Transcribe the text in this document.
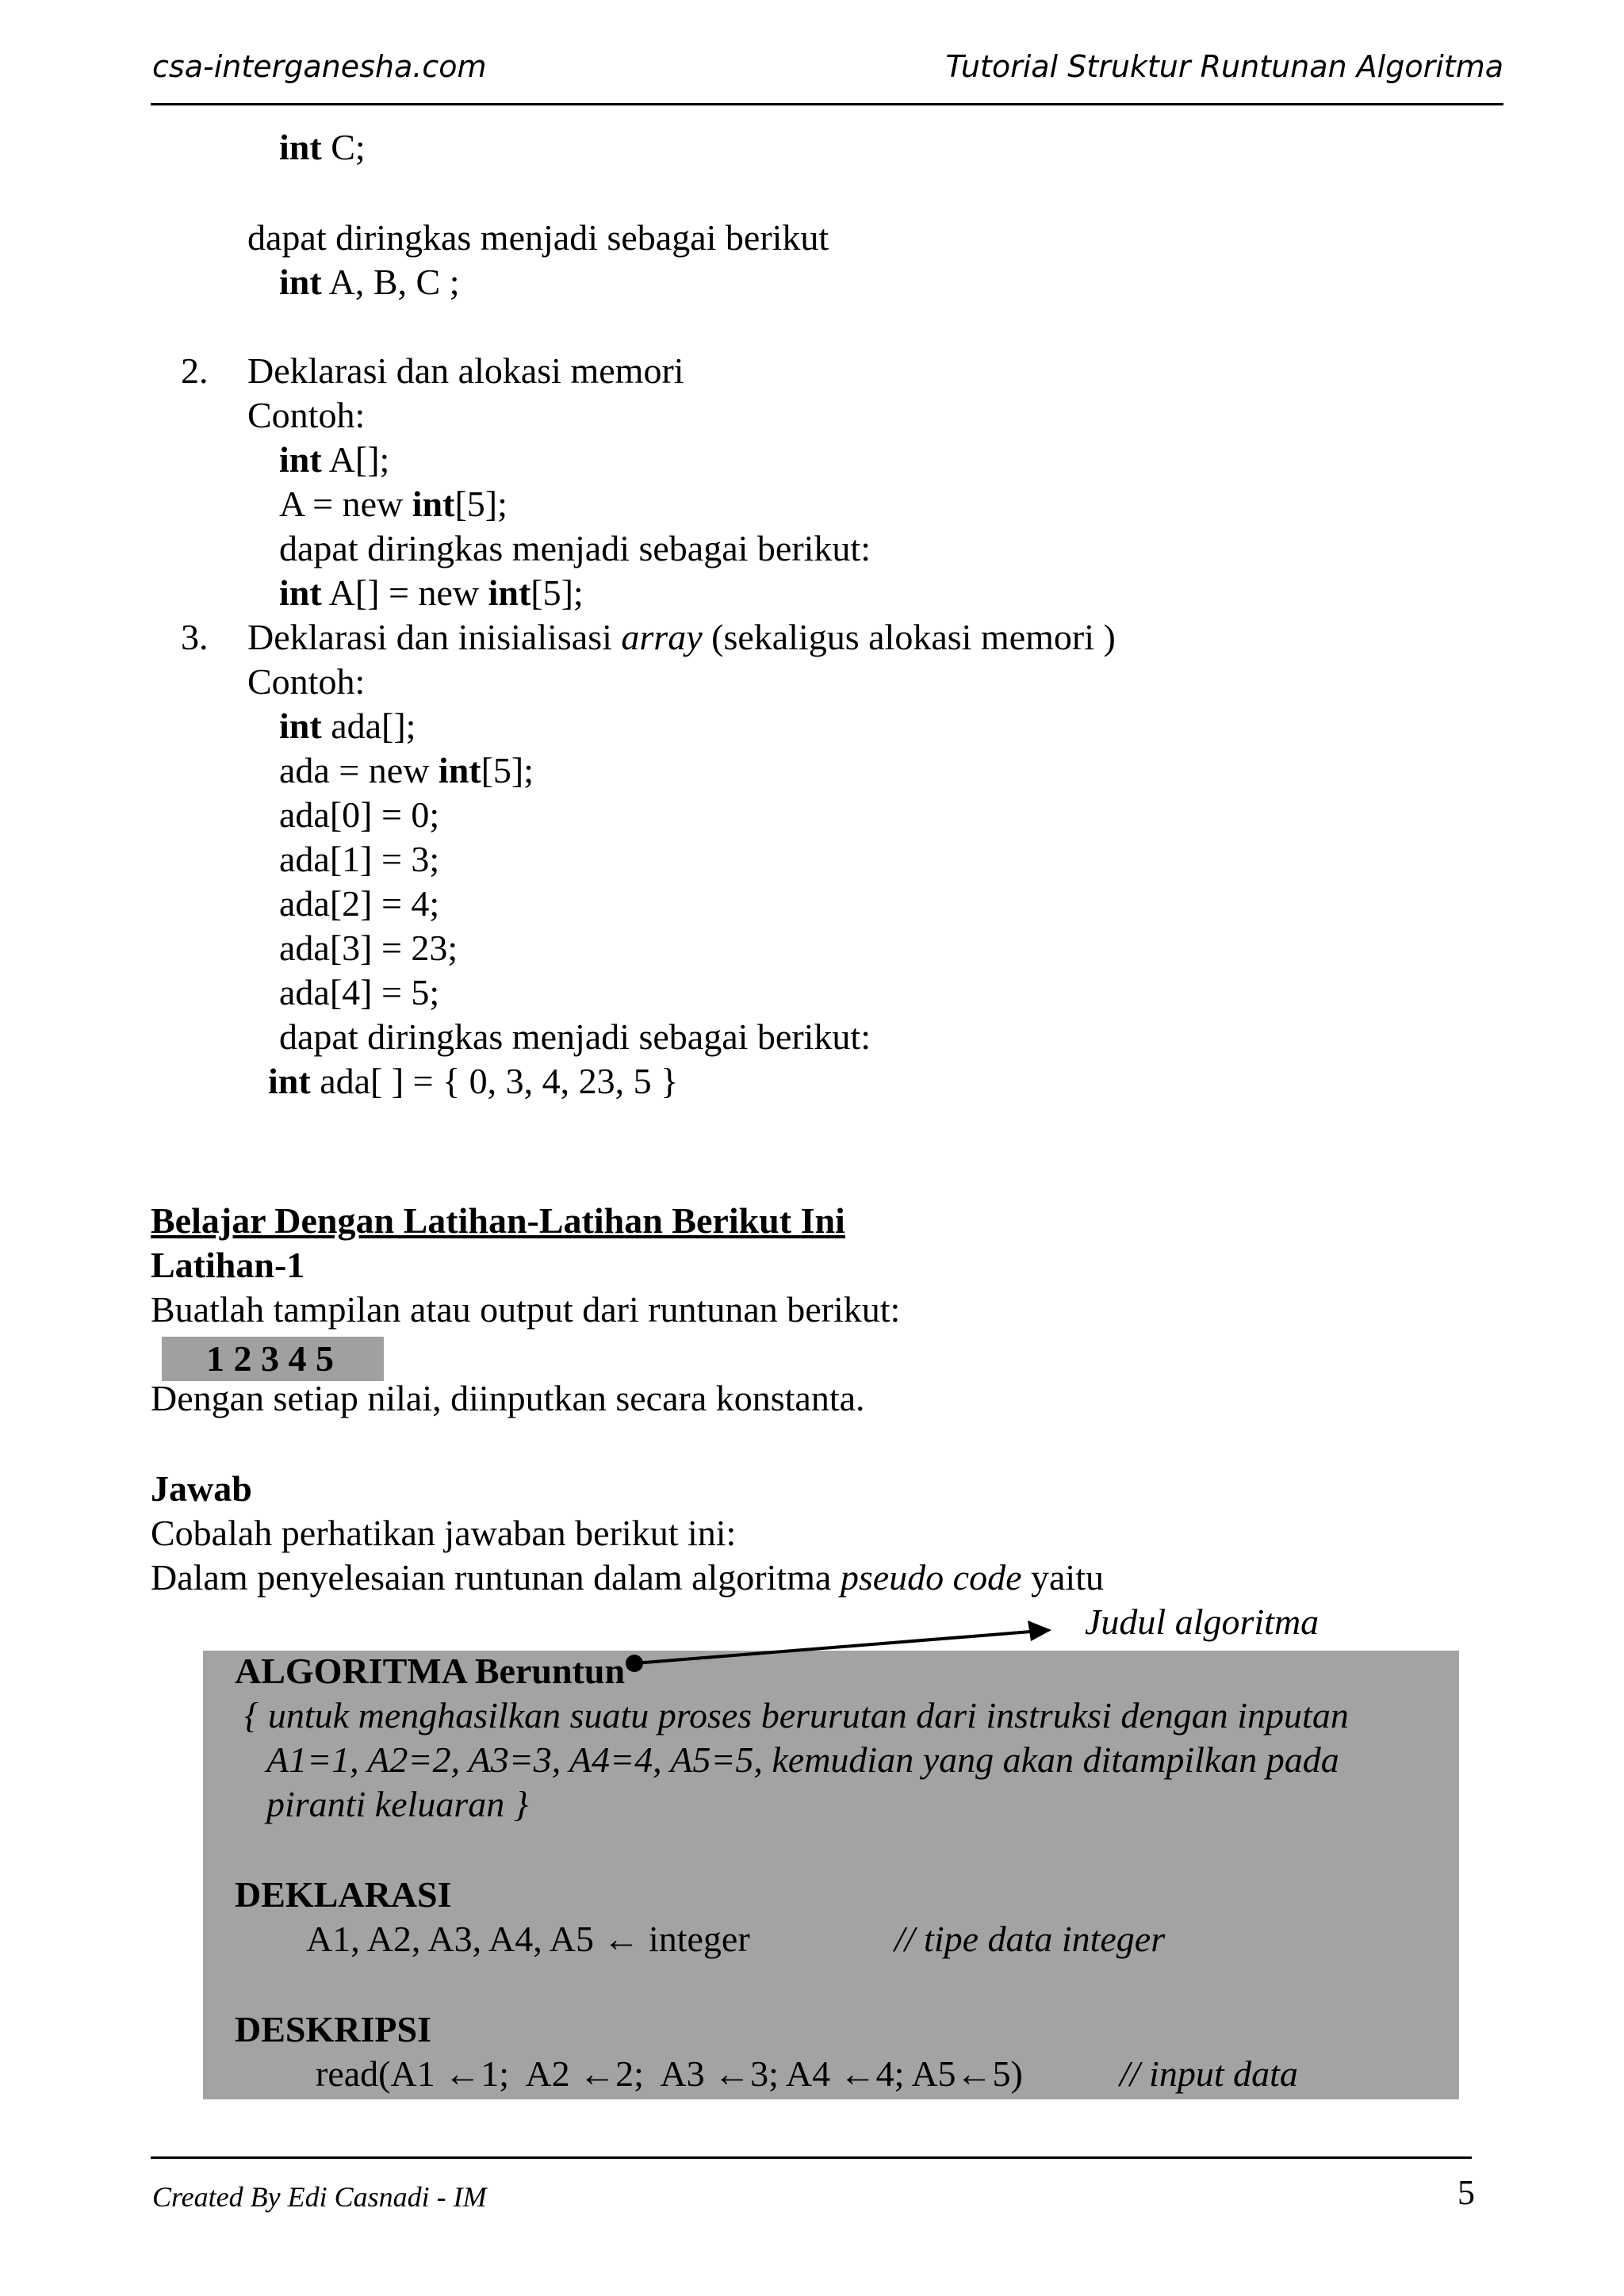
csa-interganesha.com	Tutorial Struktur Runtunan Algoritma
int C;
dapat diringkas menjadi sebagai berikut
int A, B, C ;
2. Deklarasi dan alokasi memori
Contoh:
int A[];
A = new int[5];
dapat diringkas menjadi sebagai berikut:
int A[] = new int[5];
3. Deklarasi dan inisialisasi array (sekaligus alokasi memori )
Contoh:
int ada[];
ada = new int[5];
ada[0] = 0;
ada[1] = 3;
ada[2] = 4;
ada[3] = 23;
ada[4] = 5;
dapat diringkas menjadi sebagai berikut:
int ada[ ] = { 0, 3, 4, 23, 5 }
Belajar Dengan Latihan-Latihan Berikut Ini
Latihan-1
Buatlah tampilan atau output dari runtunan berikut:
1 2 3 4 5
Dengan setiap nilai, diinputkan secara konstanta.
Jawab
Cobalah perhatikan jawaban berikut ini:
Dalam penyelesaian runtunan dalam algoritma pseudo code yaitu
Judul algoritma
ALGORITMA Beruntun
{ untuk menghasilkan suatu proses berurutan dari instruksi dengan inputan
A1=1, A2=2, A3=3, A4=4, A5=5, kemudian yang akan ditampilkan pada
piranti keluaran }
DEKLARASI
A1, A2, A3, A4, A5 ← integer	// tipe data integer
DESKRIPSI
read(A1 ←1;  A2 ←2;  A3 ←3; A4 ←4; A5←5)	// input data
Created By Edi Casnadi - IM	5
